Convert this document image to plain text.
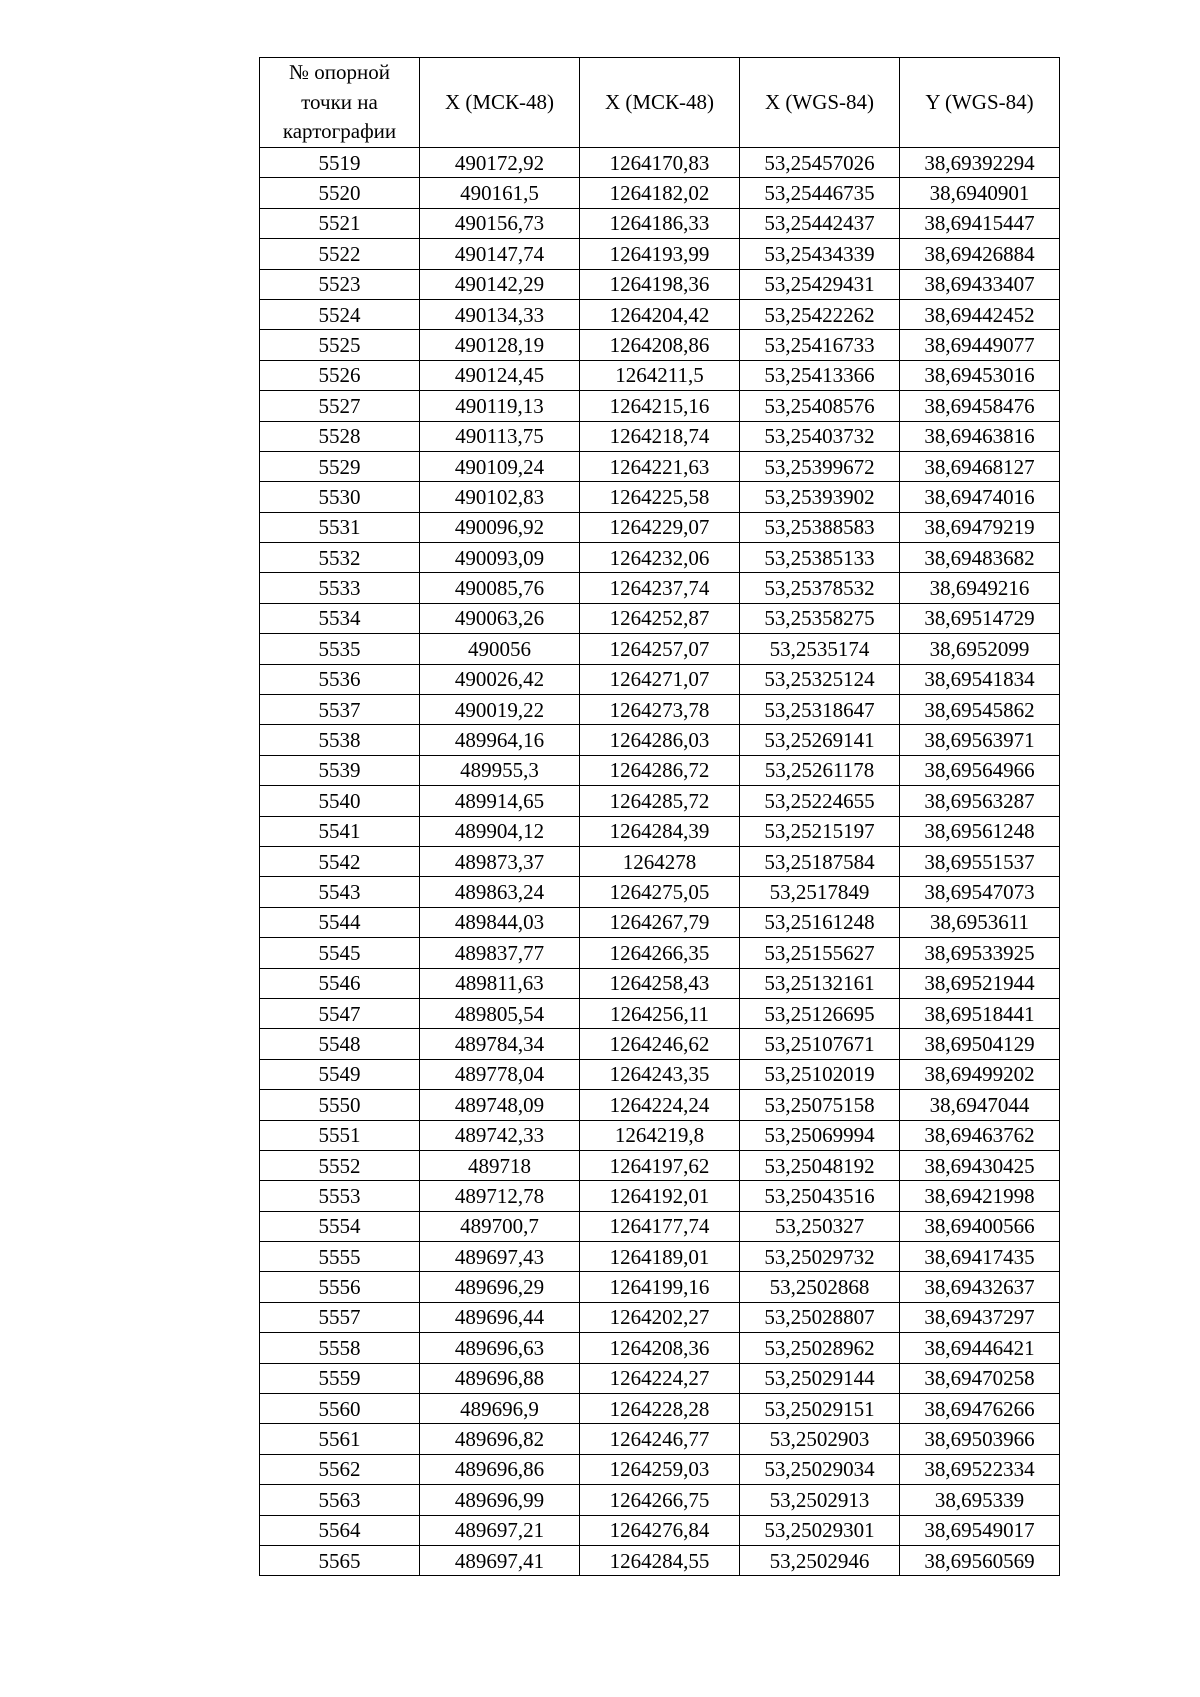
№ опорной
точки на
картографии	X (МСК-48)	X (МСК-48)	X (WGS-84)	Y (WGS-84)
5519	490172,92	1264170,83	53,25457026	38,69392294
5520	490161,5	1264182,02	53,25446735	38,6940901
5521	490156,73	1264186,33	53,25442437	38,69415447
5522	490147,74	1264193,99	53,25434339	38,69426884
5523	490142,29	1264198,36	53,25429431	38,69433407
5524	490134,33	1264204,42	53,25422262	38,69442452
5525	490128,19	1264208,86	53,25416733	38,69449077
5526	490124,45	1264211,5	53,25413366	38,69453016
5527	490119,13	1264215,16	53,25408576	38,69458476
5528	490113,75	1264218,74	53,25403732	38,69463816
5529	490109,24	1264221,63	53,25399672	38,69468127
5530	490102,83	1264225,58	53,25393902	38,69474016
5531	490096,92	1264229,07	53,25388583	38,69479219
5532	490093,09	1264232,06	53,25385133	38,69483682
5533	490085,76	1264237,74	53,25378532	38,6949216
5534	490063,26	1264252,87	53,25358275	38,69514729
5535	490056	1264257,07	53,2535174	38,6952099
5536	490026,42	1264271,07	53,25325124	38,69541834
5537	490019,22	1264273,78	53,25318647	38,69545862
5538	489964,16	1264286,03	53,25269141	38,69563971
5539	489955,3	1264286,72	53,25261178	38,69564966
5540	489914,65	1264285,72	53,25224655	38,69563287
5541	489904,12	1264284,39	53,25215197	38,69561248
5542	489873,37	1264278	53,25187584	38,69551537
5543	489863,24	1264275,05	53,2517849	38,69547073
5544	489844,03	1264267,79	53,25161248	38,6953611
5545	489837,77	1264266,35	53,25155627	38,69533925
5546	489811,63	1264258,43	53,25132161	38,69521944
5547	489805,54	1264256,11	53,25126695	38,69518441
5548	489784,34	1264246,62	53,25107671	38,69504129
5549	489778,04	1264243,35	53,25102019	38,69499202
5550	489748,09	1264224,24	53,25075158	38,6947044
5551	489742,33	1264219,8	53,25069994	38,69463762
5552	489718	1264197,62	53,25048192	38,69430425
5553	489712,78	1264192,01	53,25043516	38,69421998
5554	489700,7	1264177,74	53,250327	38,69400566
5555	489697,43	1264189,01	53,25029732	38,69417435
5556	489696,29	1264199,16	53,2502868	38,69432637
5557	489696,44	1264202,27	53,25028807	38,69437297
5558	489696,63	1264208,36	53,25028962	38,69446421
5559	489696,88	1264224,27	53,25029144	38,69470258
5560	489696,9	1264228,28	53,25029151	38,69476266
5561	489696,82	1264246,77	53,2502903	38,69503966
5562	489696,86	1264259,03	53,25029034	38,69522334
5563	489696,99	1264266,75	53,2502913	38,695339
5564	489697,21	1264276,84	53,25029301	38,69549017
5565	489697,41	1264284,55	53,2502946	38,69560569
